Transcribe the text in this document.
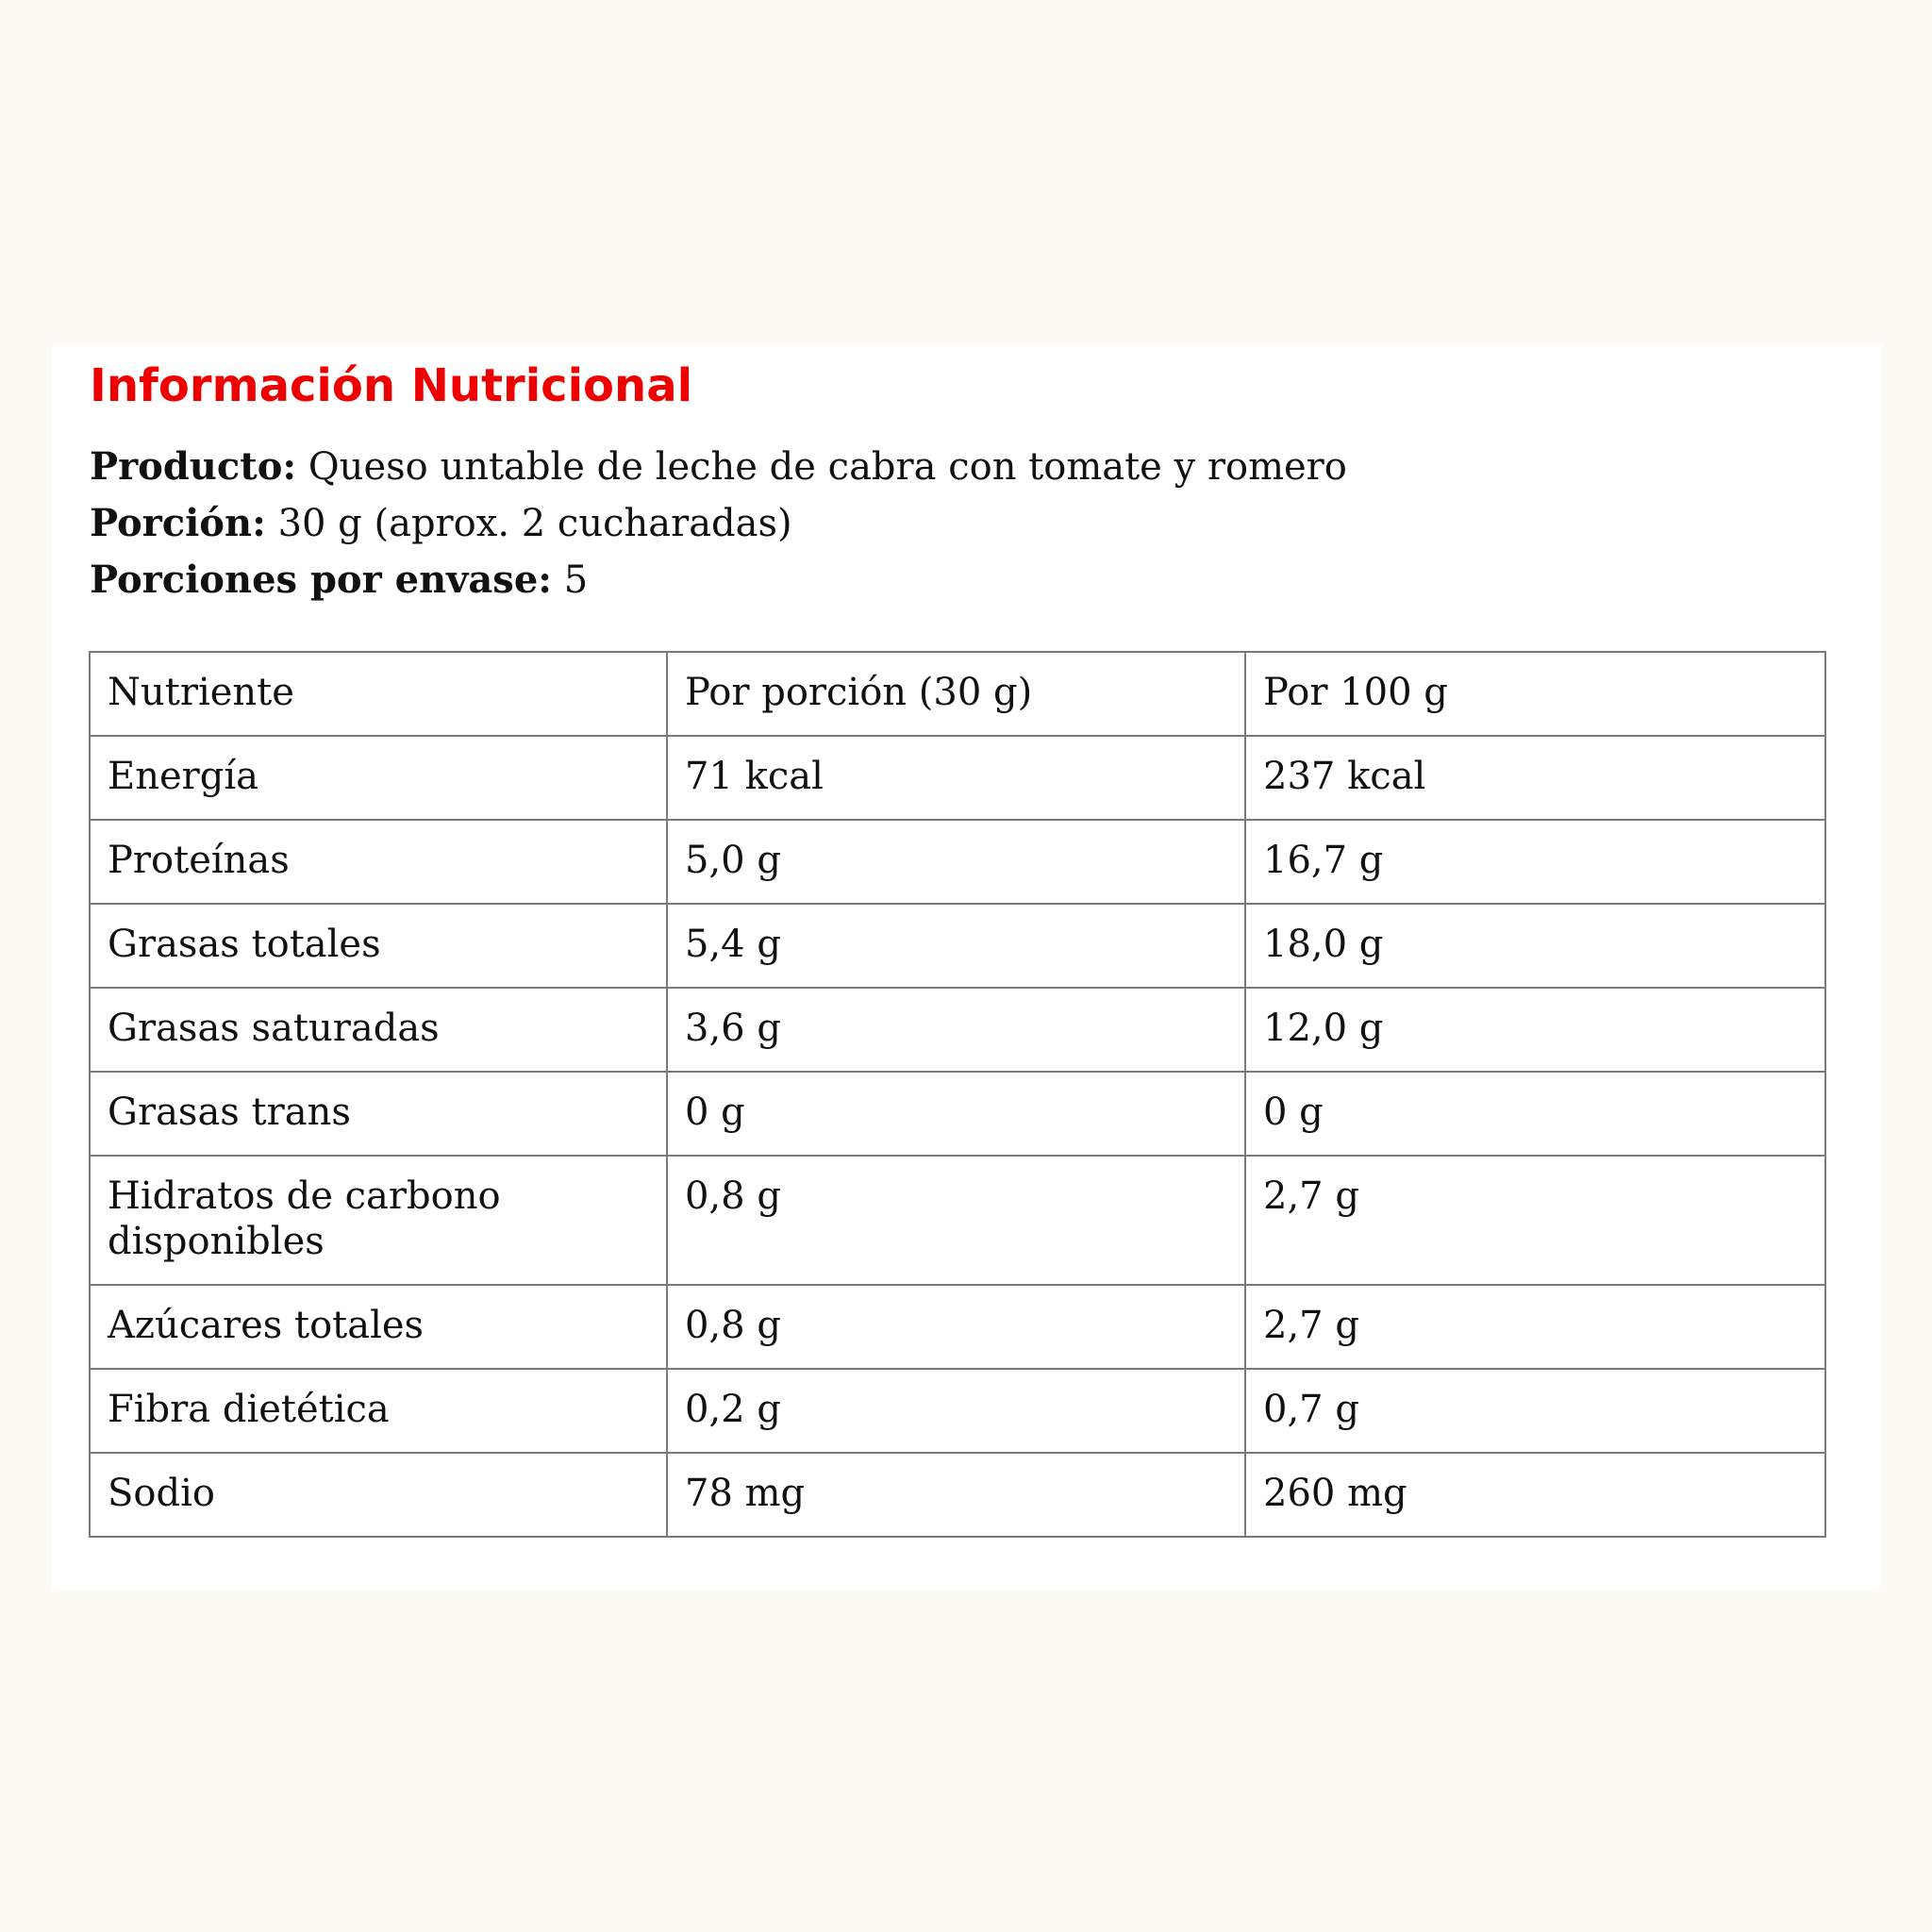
Información Nutricional
Producto: Queso untable de leche de cabra con tomate y romero
Porción: 30 g (aprox. 2 cucharadas)
Porciones por envase: 5
Nutriente	Por porción (30 g)	Por 100 g
Energía	71 kcal	237 kcal
Proteínas	5,0 g	16,7 g
Grasas totales	5,4 g	18,0 g
Grasas saturadas	3,6 g	12,0 g
Grasas trans	0 g	0 g
Hidratos de carbono disponibles	0,8 g	2,7 g
Azúcares totales	0,8 g	2,7 g
Fibra dietética	0,2 g	0,7 g
Sodio	78 mg	260 mg
